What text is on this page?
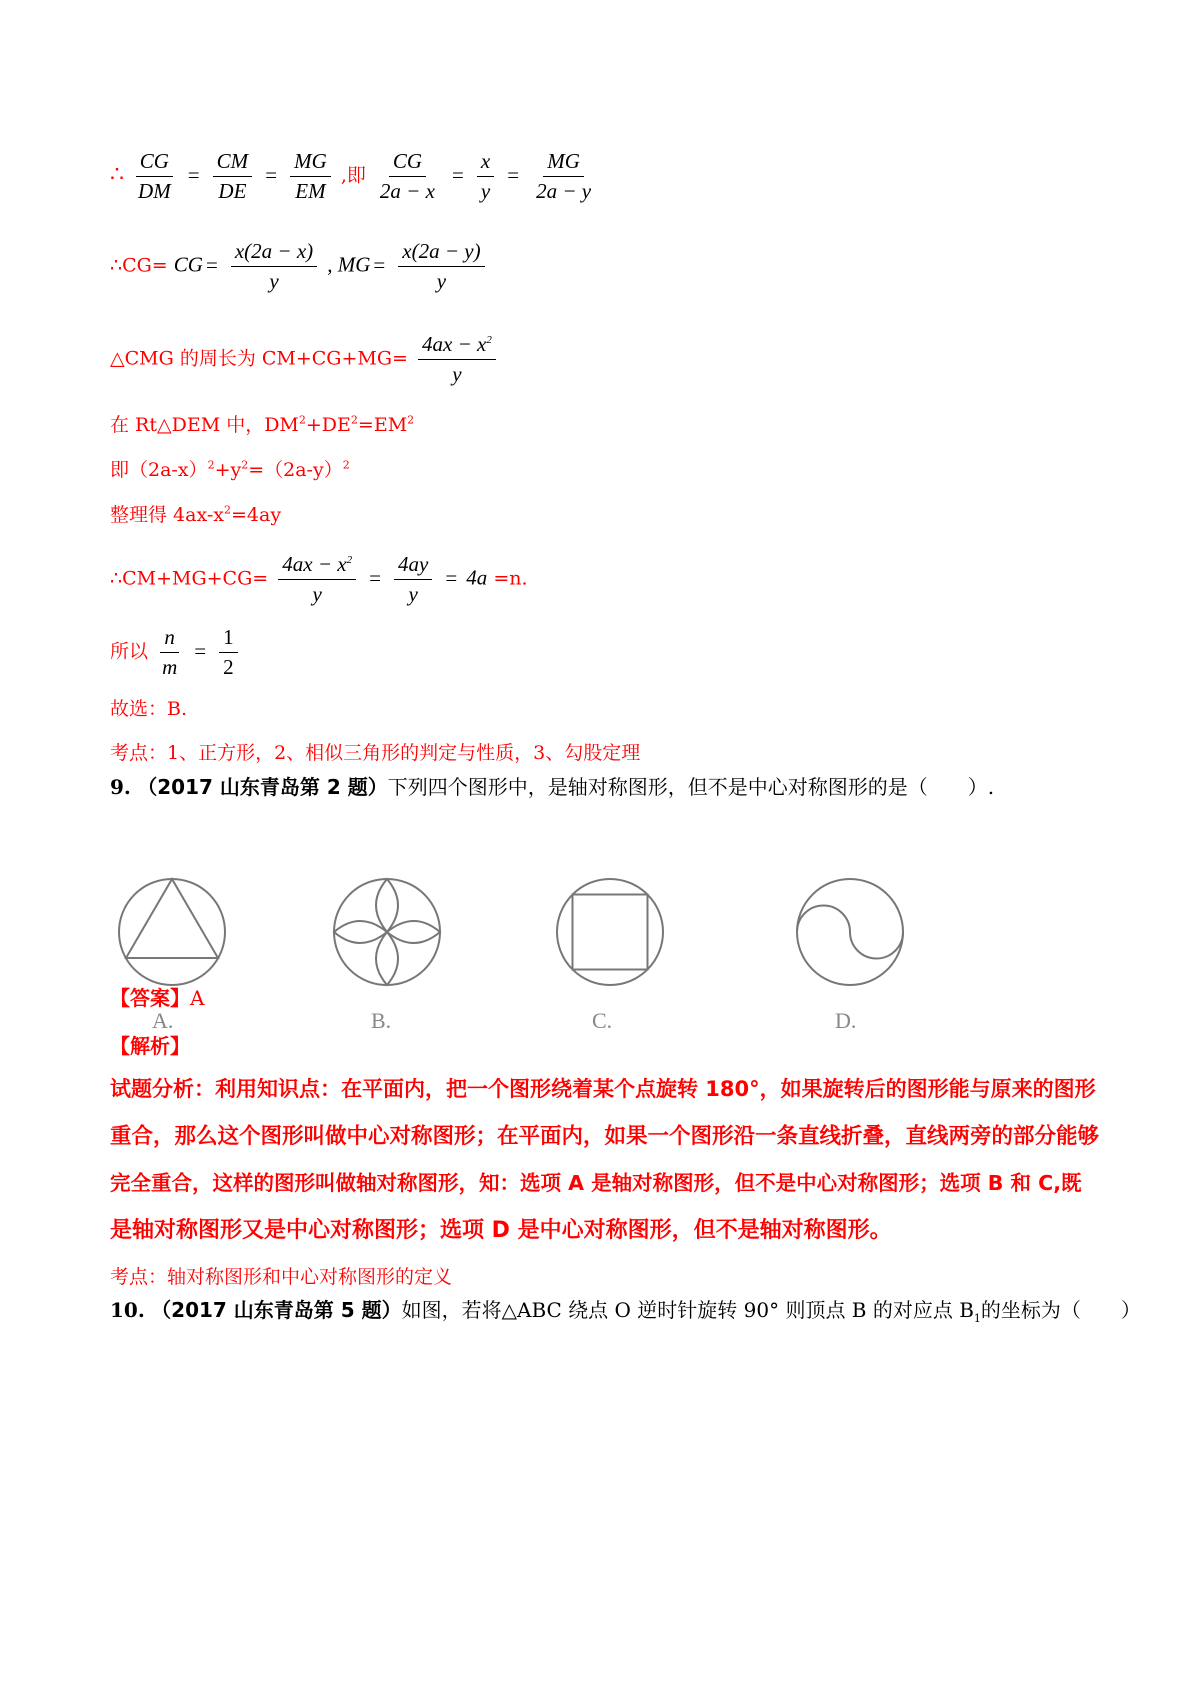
∴ $\frac{CG}{DM} = \frac{CM}{DE} = \frac{MG}{EM}$ ,即 $\frac{CG}{2a - x} = \frac{x}{y} = \frac{MG}{2a - y}$
∴CG= CG = $\frac{x(2a - x)}{y}$ , MG = $\frac{x(2a - y)}{y}$
△CMG 的周长为 $CM+CG+MG= \frac{4ax - x^2}{y}$
在 Rt△DEM 中，$DM^2+DE^2=EM^2$
即$(2a-x)^2+y^2=(2a-y)^2$
整理得 $4ax-x^2=4ay$
∴CM+MG+CG= $\frac{4ax - x^2}{y} = \frac{4ay}{y} = 4a =n$.
所以 $\frac{n}{m} = \frac{1}{2}$
故选：B.
考点：1、正方形，2、相似三角形的判定与性质，3、勾股定理
9. （2017 山东青岛第 2 题）下列四个图形中，是轴对称图形，但不是中心对称图形的是（　　）.
A.	B.	C.	D.
【答案】A
【解析】
试题分析：利用知识点：在平面内，把一个图形绕着某个点旋转 180°，如果旋转后的图形能与原来的图形
重合，那么这个图形叫做中心对称图形；在平面内，如果一个图形沿一条直线折叠，直线两旁的部分能够
完全重合，这样的图形叫做轴对称图形，知：选项 A 是轴对称图形，但不是中心对称图形；选项 B 和 C,既
是轴对称图形又是中心对称图形；选项 D 是中心对称图形，但不是轴对称图形。
考点：轴对称图形和中心对称图形的定义
10. （2017 山东青岛第 5 题）如图，若将△ABC 绕点 O 逆时针旋转 90° 则顶点 B 的对应点 $B_1$的坐标为（　　）
